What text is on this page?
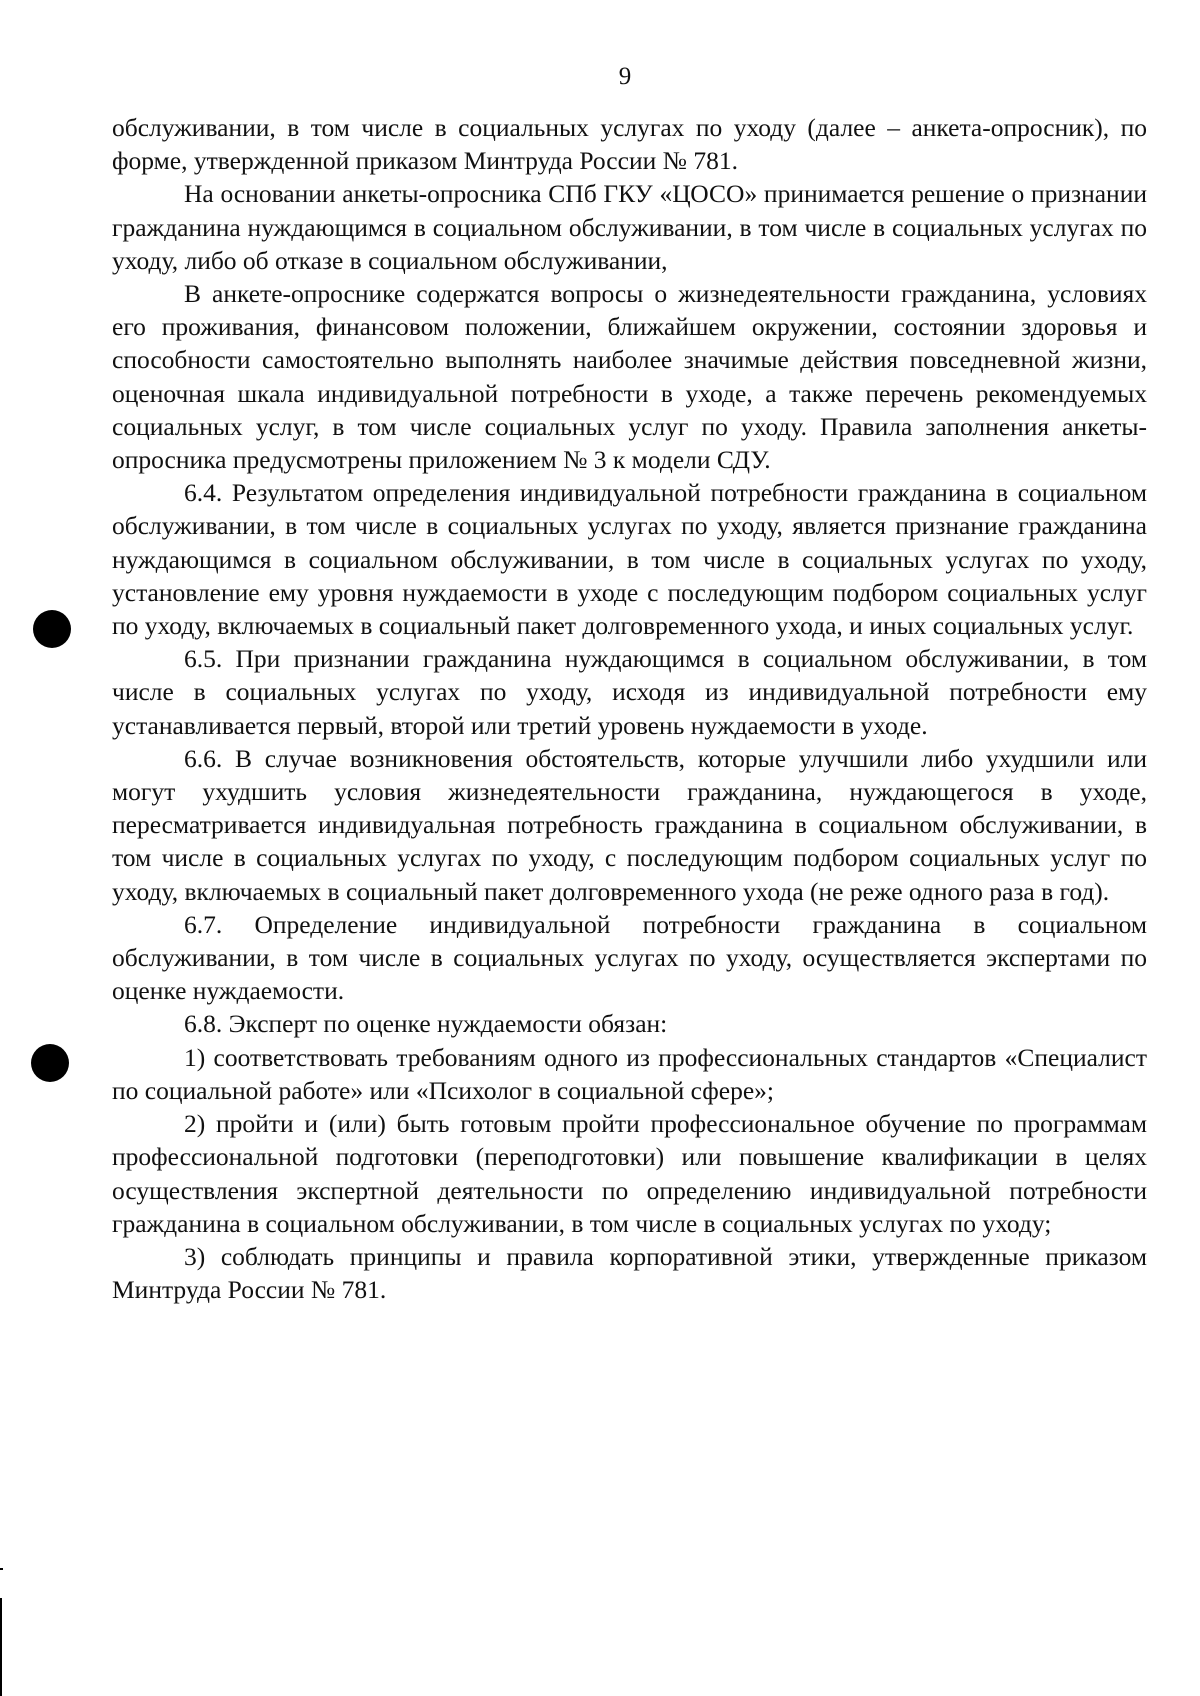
9

обслуживании, в том числе в социальных услугах по уходу (далее – анкета-опросник), по форме, утвержденной приказом Минтруда России № 781.

На основании анкеты-опросника СПб ГКУ «ЦОСО» принимается решение о признании гражданина нуждающимся в социальном обслуживании, в том числе в социальных услугах по уходу, либо об отказе в социальном обслуживании,

В анкете-опроснике содержатся вопросы о жизнедеятельности гражданина, условиях его проживания, финансовом положении, ближайшем окружении, состоянии здоровья и способности самостоятельно выполнять наиболее значимые действия повседневной жизни, оценочная шкала индивидуальной потребности в уходе, а также перечень рекомендуемых социальных услуг, в том числе социальных услуг по уходу. Правила заполнения анкеты-опросника предусмотрены приложением № 3 к модели СДУ.

6.4. Результатом определения индивидуальной потребности гражданина в социальном обслуживании, в том числе в социальных услугах по уходу, является признание гражданина нуждающимся в социальном обслуживании, в том числе в социальных услугах по уходу, установление ему уровня нуждаемости в уходе с последующим подбором социальных услуг по уходу, включаемых в социальный пакет долговременного ухода, и иных социальных услуг.

6.5. При признании гражданина нуждающимся в социальном обслуживании, в том числе в социальных услугах по уходу, исходя из индивидуальной потребности ему устанавливается первый, второй или третий уровень нуждаемости в уходе.

6.6. В случае возникновения обстоятельств, которые улучшили либо ухудшили или могут ухудшить условия жизнедеятельности гражданина, нуждающегося в уходе, пересматривается индивидуальная потребность гражданина в социальном обслуживании, в том числе в социальных услугах по уходу, с последующим подбором социальных услуг по уходу, включаемых в социальный пакет долговременного ухода (не реже одного раза в год).

6.7. Определение индивидуальной потребности гражданина в социальном обслуживании, в том числе в социальных услугах по уходу, осуществляется экспертами по оценке нуждаемости.

6.8. Эксперт по оценке нуждаемости обязан:

1) соответствовать требованиям одного из профессиональных стандартов «Специалист по социальной работе» или «Психолог в социальной сфере»;

2) пройти и (или) быть готовым пройти профессиональное обучение по программам профессиональной подготовки (переподготовки) или повышение квалификации в целях осуществления экспертной деятельности по определению индивидуальной потребности гражданина в социальном обслуживании, в том числе в социальных услугах по уходу;

3) соблюдать принципы и правила корпоративной этики, утвержденные приказом Минтруда России № 781.
